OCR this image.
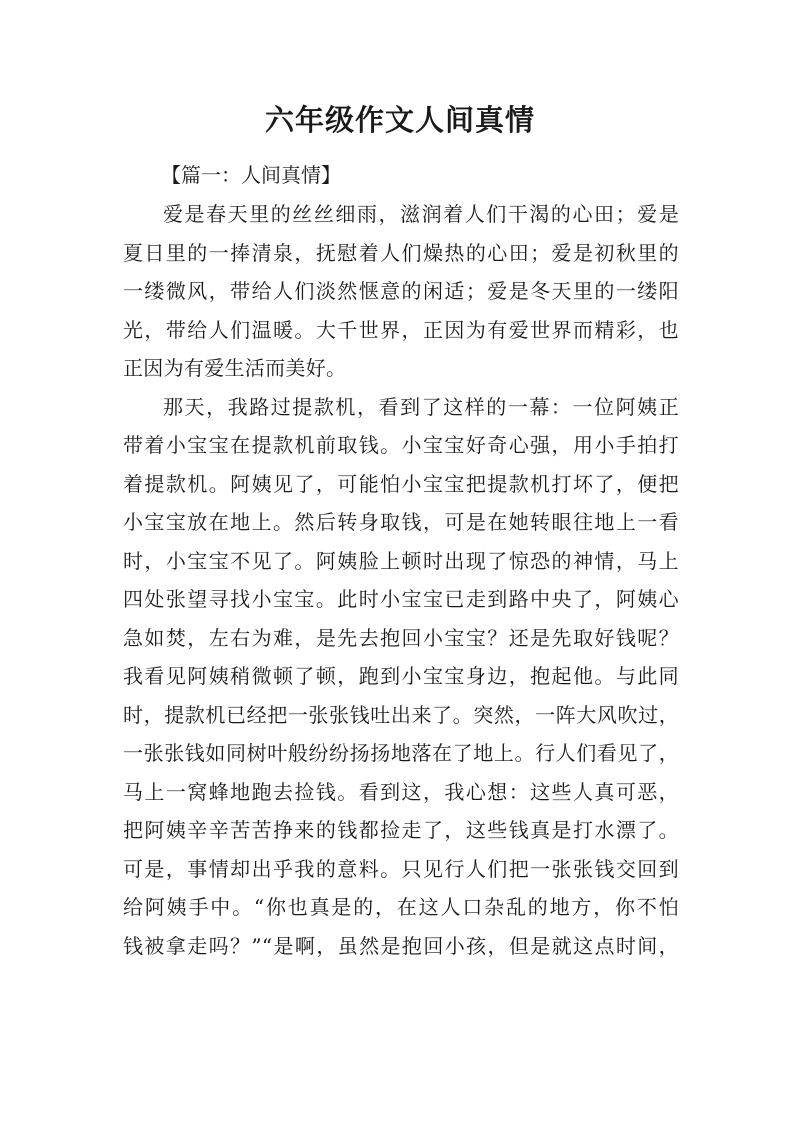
六年级作文人间真情

【篇一：人间真情】

爱是春天里的丝丝细雨，滋润着人们干渴的心田；爱是
夏日里的一捧清泉，抚慰着人们燥热的心田；爱是初秋里的
一缕微风，带给人们淡然惬意的闲适；爱是冬天里的一缕阳
光，带给人们温暖。大千世界，正因为有爱世界而精彩，也
正因为有爱生活而美好。
那天，我路过提款机，看到了这样的一幕：一位阿姨正
带着小宝宝在提款机前取钱。小宝宝好奇心强，用小手拍打
着提款机。阿姨见了，可能怕小宝宝把提款机打坏了，便把
小宝宝放在地上。然后转身取钱，可是在她转眼往地上一看
时，小宝宝不见了。阿姨脸上顿时出现了惊恐的神情，马上
四处张望寻找小宝宝。此时小宝宝已走到路中央了，阿姨心
急如焚，左右为难，是先去抱回小宝宝？还是先取好钱呢？
我看见阿姨稍微顿了顿，跑到小宝宝身边，抱起他。与此同
时，提款机已经把一张张钱吐出来了。突然，一阵大风吹过，
一张张钱如同树叶般纷纷扬扬地落在了地上。行人们看见了，
马上一窝蜂地跑去捡钱。看到这，我心想：这些人真可恶，
把阿姨辛辛苦苦挣来的钱都捡走了，这些钱真是打水漂了。
可是，事情却出乎我的意料。只见行人们把一张张钱交回到
给阿姨手中。“你也真是的，在这人口杂乱的地方，你不怕
钱被拿走吗？”“是啊，虽然是抱回小孩，但是就这点时间，
